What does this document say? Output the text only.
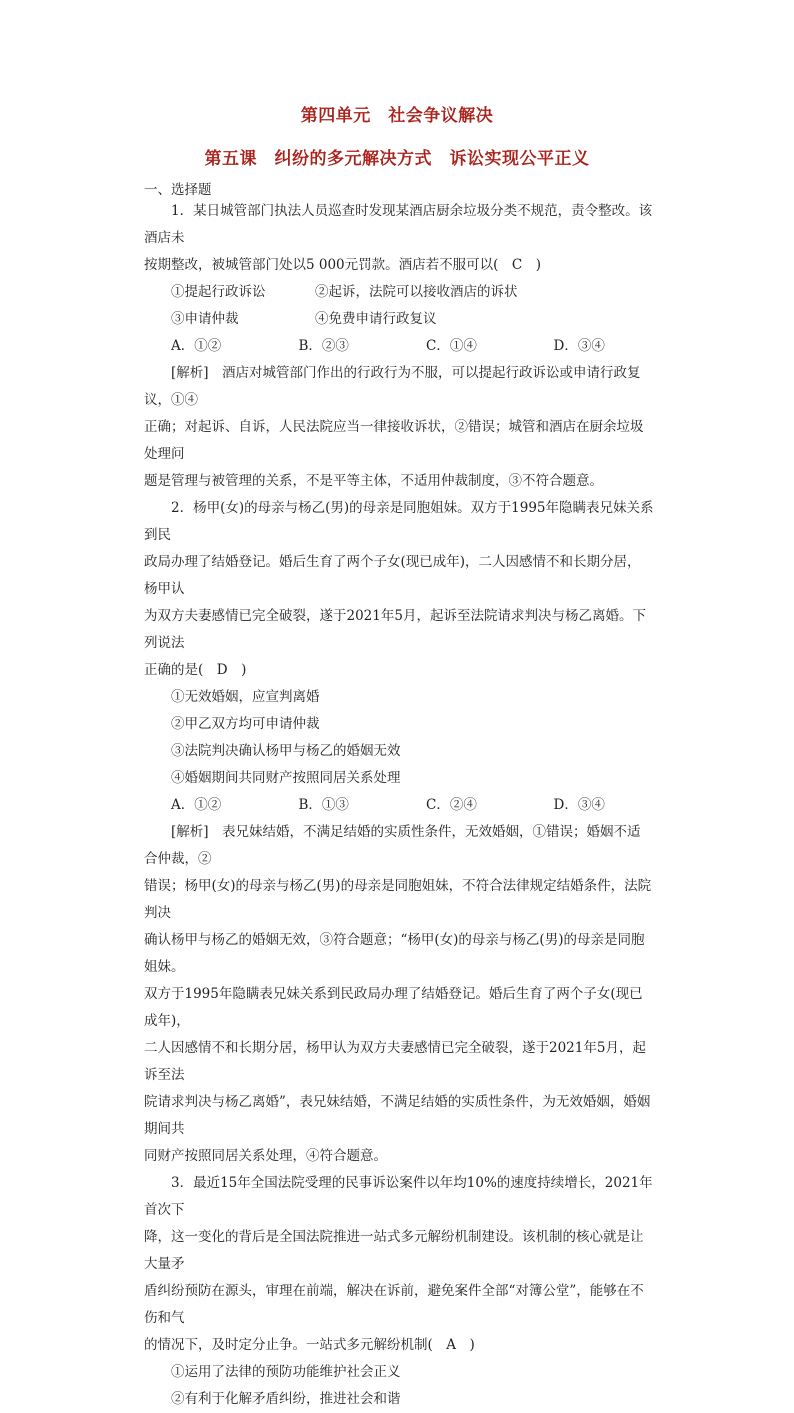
第四单元　社会争议解决
第五课　纠纷的多元解决方式　诉讼实现公平正义
一、选择题
1．某日城管部门执法人员巡查时发现某酒店厨余垃圾分类不规范，责令整改。该酒店未
按期整改，被城管部门处以5 000元罚款。酒店若不服可以(　C　)
①提起行政诉讼	②起诉，法院可以接收酒店的诉状
③申请仲裁	④免费申请行政复议
A．①②	B．②③	C．①④	D．③④
[解析]　酒店对城管部门作出的行政行为不服，可以提起行政诉讼或申请行政复议，①④
正确；对起诉、自诉，人民法院应当一律接收诉状，②错误；城管和酒店在厨余垃圾处理问
题是管理与被管理的关系，不是平等主体，不适用仲裁制度，③不符合题意。
2．杨甲(女)的母亲与杨乙(男)的母亲是同胞姐妹。双方于1995年隐瞒表兄妹关系到民
政局办理了结婚登记。婚后生育了两个子女(现已成年)，二人因感情不和长期分居，杨甲认
为双方夫妻感情已完全破裂，遂于2021年5月，起诉至法院请求判决与杨乙离婚。下列说法
正确的是(　D　)
①无效婚姻，应宣判离婚
②甲乙双方均可申请仲裁
③法院判决确认杨甲与杨乙的婚姻无效
④婚姻期间共同财产按照同居关系处理
A．①②	B．①③	C．②④	D．③④
[解析]　表兄妹结婚，不满足结婚的实质性条件，无效婚姻，①错误；婚姻不适合仲裁，②
错误；杨甲(女)的母亲与杨乙(男)的母亲是同胞姐妹，不符合法律规定结婚条件，法院判决
确认杨甲与杨乙的婚姻无效，③符合题意；“杨甲(女)的母亲与杨乙(男)的母亲是同胞姐妹。
双方于1995年隐瞒表兄妹关系到民政局办理了结婚登记。婚后生育了两个子女(现已成年)，
二人因感情不和长期分居，杨甲认为双方夫妻感情已完全破裂，遂于2021年5月，起诉至法
院请求判决与杨乙离婚”，表兄妹结婚，不满足结婚的实质性条件，为无效婚姻，婚姻期间共
同财产按照同居关系处理，④符合题意。
3．最近15年全国法院受理的民事诉讼案件以年均10%的速度持续增长，2021年首次下
降，这一变化的背后是全国法院推进一站式多元解纷机制建设。该机制的核心就是让大量矛
盾纠纷预防在源头，审理在前端，解决在诉前，避免案件全部“对簿公堂”，能够在不伤和气
的情况下，及时定分止争。一站式多元解纷机制(　A　)
①运用了法律的预防功能维护社会正义
②有利于化解矛盾纠纷，推进社会和谐
